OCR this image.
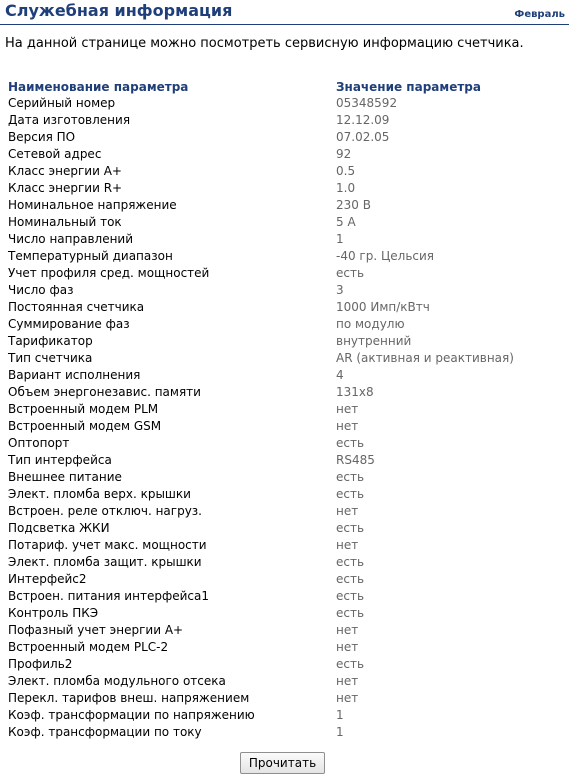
Служебная информация	Февраль
На данной странице можно посмотреть сервисную информацию счетчика.
Наименование параметра	Значение параметра
Серийный номер	05348592
Дата изготовления	12.12.09
Версия ПО	07.02.05
Сетевой адрес	92
Класс энергии А+	0.5
Класс энергии R+	1.0
Номинальное напряжение	230 В
Номинальный ток	5 А
Число направлений	1
Температурный диапазон	-40 гр. Цельсия
Учет профиля сред. мощностей	есть
Число фаз	3
Постоянная счетчика	1000 Имп/кВтч
Суммирование фаз	по модулю
Тарификатор	внутренний
Тип счетчика	AR (активная и реактивная)
Вариант исполнения	4
Объем энергонезавис. памяти	131x8
Встроенный модем PLM	нет
Встроенный модем GSM	нет
Оптопорт	есть
Тип интерфейса	RS485
Внешнее питание	есть
Элект. пломба верх. крышки	есть
Встроен. реле отключ. нагруз.	нет
Подсветка ЖКИ	есть
Потариф. учет макс. мощности	нет
Элект. пломба защит. крышки	есть
Интерфейс2	есть
Встроен. питания интерфейса1	есть
Контроль ПКЭ	есть
Пофазный учет энергии А+	нет
Встроенный модем PLC-2	нет
Профиль2	есть
Элект. пломба модульного отсека	нет
Перекл. тарифов внеш. напряжением	нет
Коэф. трансформации по напряжению	1
Коэф. трансформации по току	1
Прочитать
